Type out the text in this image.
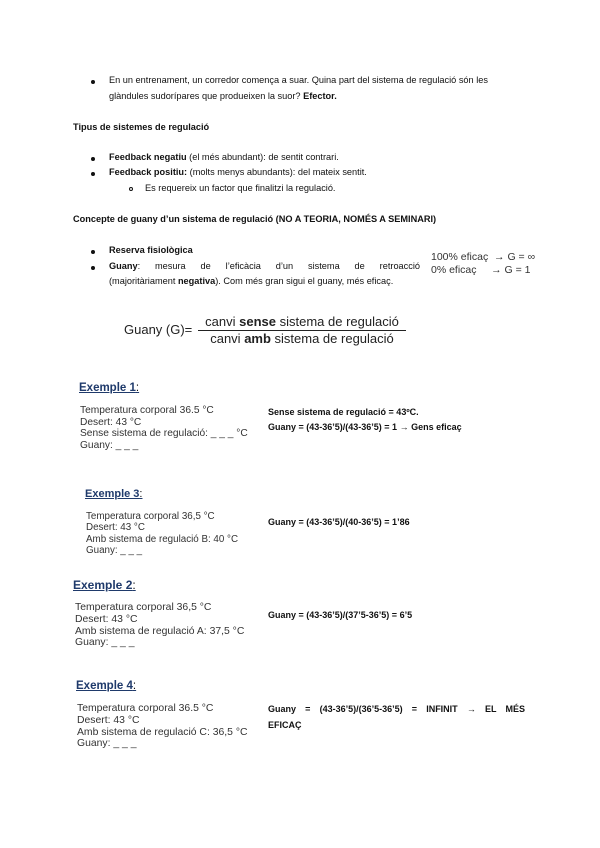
En un entrenament, un corredor comença a suar. Quina part del sistema de regulació són les
glàndules sudorípares que produeixen la suor? Efector.
Tipus de sistemes de regulació
Feedback negatiu (el més abundant): de sentit contrari.
Feedback positiu: (molts menys abundants): del mateix sentit.
Es requereix un factor que finalitzi la regulació.
Concepte de guany d’un sistema de regulació (NO A TEORIA, NOMÉS A SEMINARI)
Reserva fisiològica
Guany: mesura de l’eficàcia d’un sistema de retroacció
(majoritàriament negativa). Com més gran sigui el guany, més eficaç.
100% eficaç  → G = ∞
0% eficaç     → G = 1
Guany (G)=
canvi sense sistema de regulació
canvi amb sistema de regulació
Exemple 1:
Temperatura corporal 36.5 °C
Desert: 43 °C
Sense sistema de regulació: _ _ _ °C
Guany: _ _ _
Sense sistema de regulació = 43ºC.
Guany = (43-36’5)/(43-36’5) = 1 → Gens eficaç
Exemple 3:
Temperatura corporal 36,5 °C
Desert: 43 °C
Amb sistema de regulació B: 40 °C
Guany: _ _ _
Guany = (43-36’5)/(40-36’5) = 1’86
Exemple 2:
Temperatura corporal 36,5 °C
Desert: 43 °C
Amb sistema de regulació A: 37,5 °C
Guany: _ _ _
Guany = (43-36’5)/(37’5-36’5) = 6’5
Exemple 4:
Temperatura corporal 36.5 °C
Desert: 43 °C
Amb sistema de regulació C: 36,5 °C
Guany: _ _ _
Guany = (43-36’5)/(36’5-36’5) = INFINIT → EL MÉS
EFICAÇ
